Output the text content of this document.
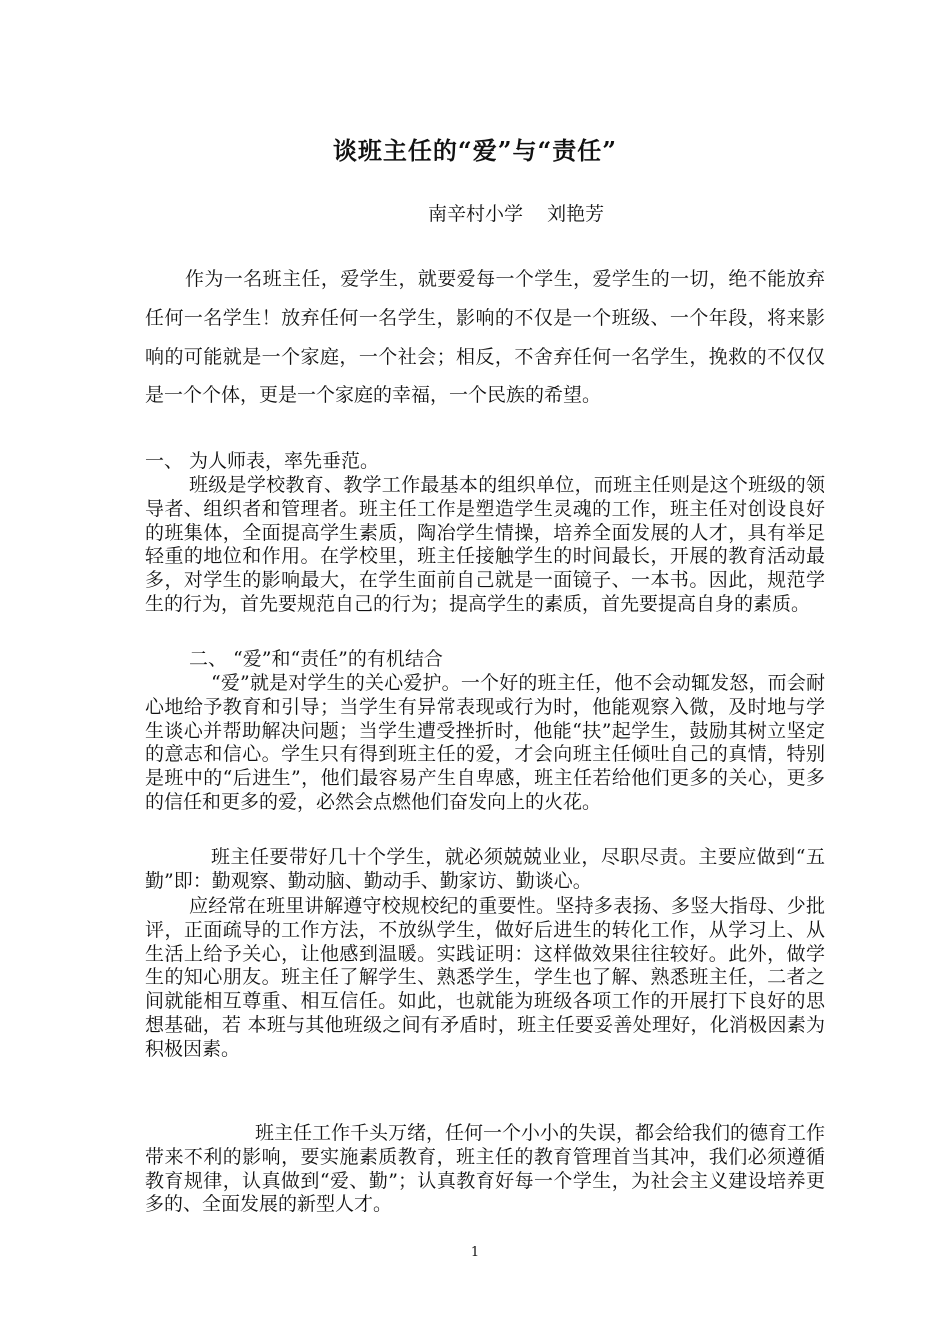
谈班主任的“爱”与“责任”
南辛村小学    刘艳芳

作为一名班主任，爱学生，就要爱每一个学生，爱学生的一切，绝不能放弃任何一名学生！放弃任何一名学生，影响的不仅是一个班级、一个年段，将来影响的可能就是一个家庭，一个社会；相反，不舍弃任何一名学生，挽救的不仅仅是一个个体，更是一个家庭的幸福，一个民族的希望。

一、 为人师表，率先垂范。

班级是学校教育、教学工作最基本的组织单位，而班主任则是这个班级的领导者、组织者和管理者。班主任工作是塑造学生灵魂的工作，班主任对创设良好的班集体，全面提高学生素质，陶冶学生情操，培养全面发展的人才，具有举足轻重的地位和作用。在学校里，班主任接触学生的时间最长，开展的教育活动最多，对学生的影响最大，在学生面前自己就是一面镜子、一本书。因此，规范学生的行为，首先要规范自己的行为；提高学生的素质，首先要提高自身的素质。

二、 “爱”和“责任”的有机结合

“爱”就是对学生的关心爱护。一个好的班主任，他不会动辄发怒，而会耐心地给予教育和引导；当学生有异常表现或行为时，他能观察入微，及时地与学生谈心并帮助解决问题；当学生遭受挫折时，他能“扶”起学生，鼓励其树立坚定的意志和信心。学生只有得到班主任的爱，才会向班主任倾吐自己的真情，特别是班中的“后进生”，他们最容易产生自卑感，班主任若给他们更多的关心，更多的信任和更多的爱，必然会点燃他们奋发向上的火花。

班主任要带好几十个学生，就必须兢兢业业，尽职尽责。主要应做到“五勤”即：勤观察、勤动脑、勤动手、勤家访、勤谈心。

应经常在班里讲解遵守校规校纪的重要性。坚持多表扬、多竖大指母、少批评，正面疏导的工作方法，不放纵学生，做好后进生的转化工作，从学习上、从生活上给予关心，让他感到温暖。实践证明：这样做效果往往较好。此外，做学生的知心朋友。班主任了解学生、熟悉学生，学生也了解、熟悉班主任，二者之间就能相互尊重、相互信任。如此，也就能为班级各项工作的开展打下良好的思想基础，若 本班与其他班级之间有矛盾时，班主任要妥善处理好，化消极因素为积极因素。

班主任工作千头万绪，任何一个小小的失误，都会给我们的德育工作带来不利的影响，要实施素质教育，班主任的教育管理首当其冲，我们必须遵循教育规律，认真做到“爱、勤”；认真教育好每一个学生，为社会主义建设培养更多的、全面发展的新型人才。

1
